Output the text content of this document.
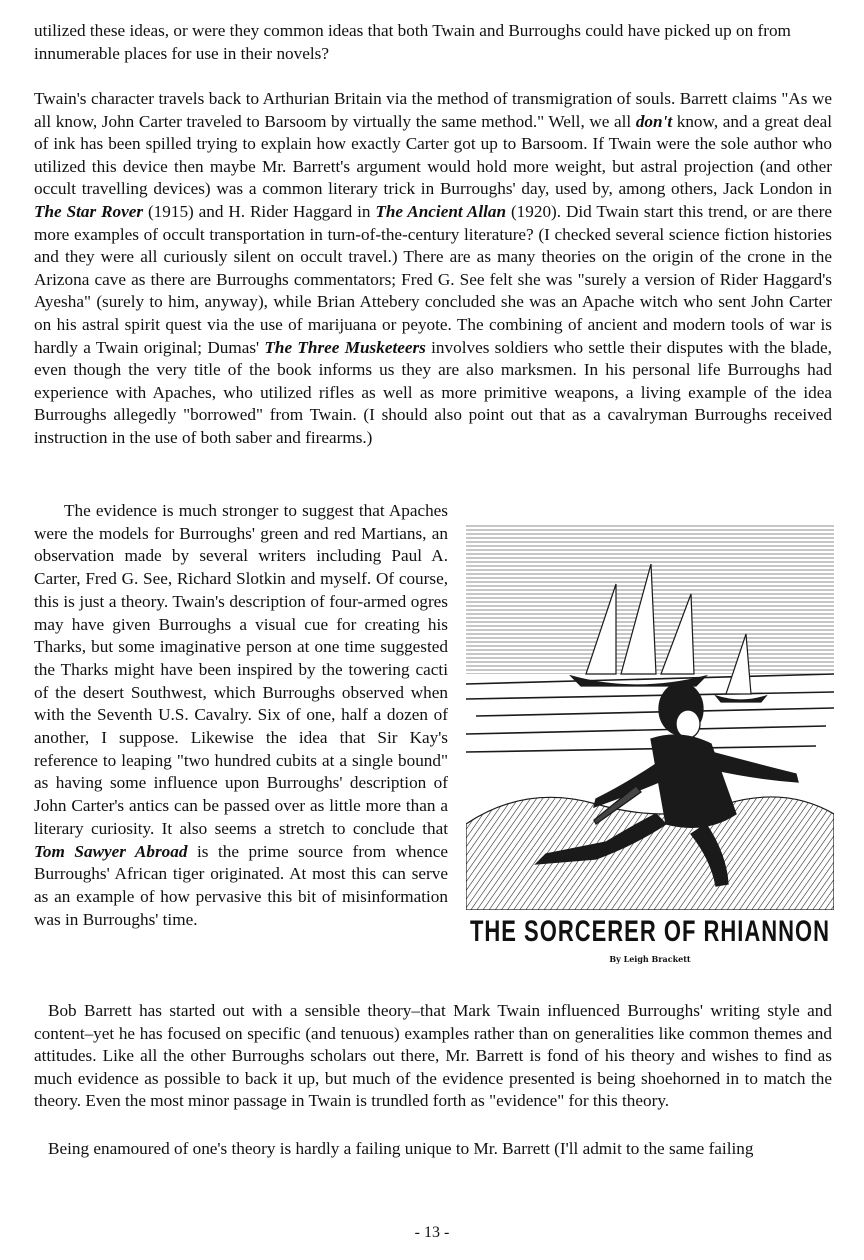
utilized these ideas, or were they common ideas that both Twain and Burroughs could have picked up on from innumerable places for use in their novels?
Twain's character travels back to Arthurian Britain via the method of transmigration of souls. Barrett claims "As we all know, John Carter traveled to Barsoom by virtually the same method." Well, we all don't know, and a great deal of ink has been spilled trying to explain how exactly Carter got up to Barsoom. If Twain were the sole author who utilized this device then maybe Mr. Barrett's argument would hold more weight, but astral projection (and other occult travelling devices) was a common literary trick in Burroughs' day, used by, among others, Jack London in The Star Rover (1915) and H. Rider Haggard in The Ancient Allan (1920). Did Twain start this trend, or are there more examples of occult transportation in turn-of-the-century literature? (I checked several science fiction histories and they were all curiously silent on occult travel.) There are as many theories on the origin of the crone in the Arizona cave as there are Burroughs commentators; Fred G. See felt she was "surely a version of Rider Haggard's Ayesha" (surely to him, anyway), while Brian Attebery concluded she was an Apache witch who sent John Carter on his astral spirit quest via the use of marijuana or peyote. The combining of ancient and modern tools of war is hardly a Twain original; Dumas' The Three Musketeers involves soldiers who settle their disputes with the blade, even though the very title of the book informs us they are also marksmen. In his personal life Burroughs had experience with Apaches, who utilized rifles as well as more primitive weapons, a living example of the idea Burroughs allegedly "borrowed" from Twain. (I should also point out that as a cavalryman Burroughs received instruction in the use of both saber and firearms.)
The evidence is much stronger to suggest that Apaches were the models for Burroughs' green and red Martians, an observation made by several writers including Paul A. Carter, Fred G. See, Richard Slotkin and myself. Of course, this is just a theory. Twain's description of four-armed ogres may have given Burroughs a visual cue for creating his Tharks, but some imaginative person at one time suggested the Tharks might have been inspired by the towering cacti of the desert Southwest, which Burroughs observed when with the Seventh U.S. Cavalry. Six of one, half a dozen of another, I suppose. Likewise the idea that Sir Kay's reference to leaping "two hundred cubits at a single bound" as having some influence upon Burroughs' description of John Carter's antics can be passed over as little more than a literary curiosity. It also seems a stretch to conclude that Tom Sawyer Abroad is the prime source from whence Burroughs' African tiger originated. At most this can serve as an example of how pervasive this bit of misinformation was in Burroughs' time.	THE SORCERER OF RHIANNON
By Leigh Brackett
Bob Barrett has started out with a sensible theory–that Mark Twain influenced Burroughs' writing style and content–yet he has focused on specific (and tenuous) examples rather than on generalities like common themes and attitudes. Like all the other Burroughs scholars out there, Mr. Barrett is fond of his theory and wishes to find as much evidence as possible to back it up, but much of the evidence presented is being shoehorned in to match the theory. Even the most minor passage in Twain is trundled forth as "evidence" for this theory.
Being enamoured of one's theory is hardly a failing unique to Mr. Barrett (I'll admit to the same failing
- 13 -
